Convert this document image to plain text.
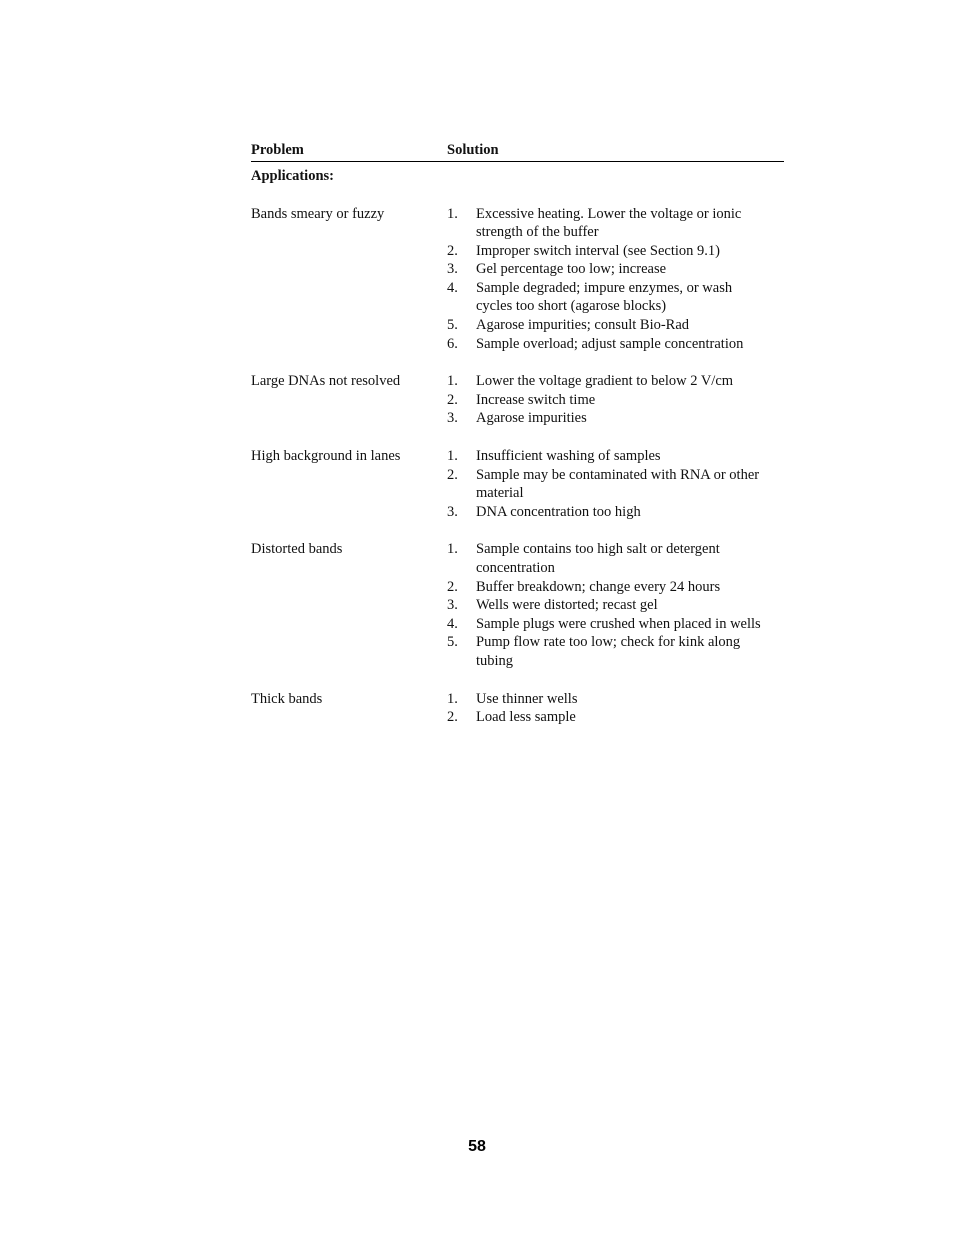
Problem	Solution
Applications:
Bands smeary or fuzzy	1. Excessive heating. Lower the voltage or ionic strength of the buffer
2. Improper switch interval (see Section 9.1)
3. Gel percentage too low; increase
4. Sample degraded; impure enzymes, or wash cycles too short (agarose blocks)
5. Agarose impurities; consult Bio-Rad
6. Sample overload; adjust sample concentration
Large DNAs not resolved	1. Lower the voltage gradient to below 2 V/cm
2. Increase switch time
3. Agarose impurities
High background in lanes	1. Insufficient washing of samples
2. Sample may be contaminated with RNA or other material
3. DNA concentration too high
Distorted bands	1. Sample contains too high salt or detergent concentration
2. Buffer breakdown; change every 24 hours
3. Wells were distorted; recast gel
4. Sample plugs were crushed when placed in wells
5. Pump flow rate too low; check for kink along tubing
Thick bands	1. Use thinner wells
2. Load less sample
58
